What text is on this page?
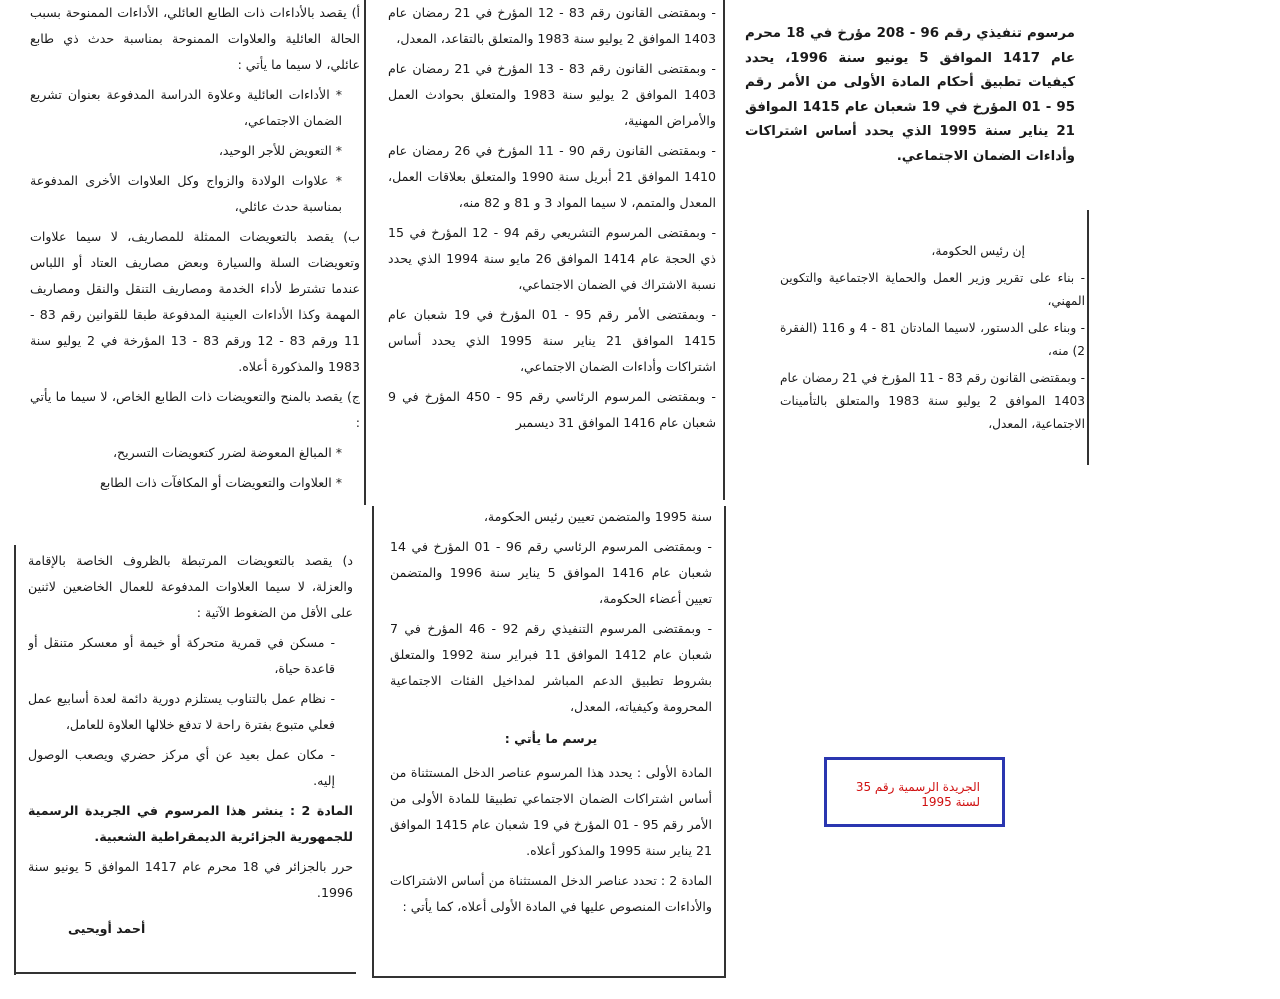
أ) يقصد بالأداءات ذات الطابع العائلي، الأداءات الممنوحة بسبب الحالة العائلية والعلاوات الممنوحة بمناسبة حدث ذي طابع عائلي، لا سيما ما يأتي :

* الأداءات العائلية وعلاوة الدراسة المدفوعة بعنوان تشريع الضمان الاجتماعي،

* التعويض للأجر الوحيد،

* علاوات الولادة والزواج وكل العلاوات الأخرى المدفوعة بمناسبة حدث عائلي،

ب) يقصد بالتعويضات الممثلة للمصاريف، لا سيما علاوات وتعويضات السلة والسيارة وبعض مصاريف العتاد أو اللباس عندما تشترط لأداء الخدمة ومصاريف التنقل والنقل ومصاريف المهمة وكذا الأداءات العينية المدفوعة طبقا للقوانين رقم 83 - 11 ورقم 83 - 12 ورقم 83 - 13 المؤرخة في 2 يوليو سنة 1983 والمذكورة أعلاه.

ج) يقصد بالمنح والتعويضات ذات الطابع الخاص، لا سيما ما يأتي :

* المبالغ المعوضة لضرر كتعويضات التسريح،

* العلاوات والتعويضات أو المكافآت ذات الطابع

- وبمقتضى القانون رقم 83 - 12 المؤرخ في 21 رمضان عام 1403 الموافق 2 يوليو سنة 1983 والمتعلق بالتقاعد، المعدل،

- وبمقتضى القانون رقم 83 - 13 المؤرخ في 21 رمضان عام 1403 الموافق 2 يوليو سنة 1983 والمتعلق بحوادث العمل والأمراض المهنية،

- وبمقتضى القانون رقم 90 - 11 المؤرخ في 26 رمضان عام 1410 الموافق 21 أبريل سنة 1990 والمتعلق بعلاقات العمل، المعدل والمتمم، لا سيما المواد 3 و 81 و 82 منه،

- وبمقتضى المرسوم التشريعي رقم 94 - 12 المؤرخ في 15 ذي الحجة عام 1414 الموافق 26 مايو سنة 1994 الذي يحدد نسبة الاشتراك في الضمان الاجتماعي،

- وبمقتضى الأمر رقم 95 - 01 المؤرخ في 19 شعبان عام 1415 الموافق 21 يناير سنة 1995 الذي يحدد أساس اشتراكات وأداءات الضمان الاجتماعي،

- وبمقتضى المرسوم الرئاسي رقم 95 - 450 المؤرخ في 9 شعبان عام 1416 الموافق 31 ديسمبر

مرسوم تنفيذي رقم 96 - 208 مؤرخ في 18 محرم عام 1417 الموافق 5 يونيو سنة 1996، يحدد كيفيات تطبيق أحكام المادة الأولى من الأمر رقم 95 - 01 المؤرخ في 19 شعبان عام 1415 الموافق 21 يناير سنة 1995 الذي يحدد أساس اشتراكات وأداءات الضمان الاجتماعي.

إن رئيس الحكومة،

- بناء على تقرير وزير العمل والحماية الاجتماعية والتكوين المهني،

- وبناء على الدستور، لاسيما المادتان 81 - 4 و 116 (الفقرة 2) منه،

- وبمقتضى القانون رقم 83 - 11 المؤرخ في 21 رمضان عام 1403 الموافق 2 يوليو سنة 1983 والمتعلق بالتأمينات الاجتماعية، المعدل،

د) يقصد بالتعويضات المرتبطة بالظروف الخاصة بالإقامة والعزلة، لا سيما العلاوات المدفوعة للعمال الخاضعين لاثنين على الأقل من الضغوط الآتية :

- مسكن في قمرية متحركة أو خيمة أو معسكر متنقل أو قاعدة حياة،

- نظام عمل بالتناوب يستلزم دورية دائمة لعدة أسابيع عمل فعلي متبوع بفترة راحة لا تدفع خلالها العلاوة للعامل،

- مكان عمل بعيد عن أي مركز حضري ويصعب الوصول إليه.

المادة 2 : ينشر هذا المرسوم في الجريدة الرسمية للجمهورية الجزائرية الديمقراطية الشعبية.

حرر بالجزائر في 18 محرم عام 1417 الموافق 5 يونيو سنة 1996.

أحمد أويحيى

سنة 1995 والمتضمن تعيين رئيس الحكومة،

- وبمقتضى المرسوم الرئاسي رقم 96 - 01 المؤرخ في 14 شعبان عام 1416 الموافق 5 يناير سنة 1996 والمتضمن تعيين أعضاء الحكومة،

- وبمقتضى المرسوم التنفيذي رقم 92 - 46 المؤرخ في 7 شعبان عام 1412 الموافق 11 فبراير سنة 1992 والمتعلق بشروط تطبيق الدعم المباشر لمداخيل الفئات الاجتماعية المحرومة وكيفياته، المعدل،

يرسم ما يأتي :

المادة الأولى : يحدد هذا المرسوم عناصر الدخل المستثناة من أساس اشتراكات الضمان الاجتماعي تطبيقا للمادة الأولى من الأمر رقم 95 - 01 المؤرخ في 19 شعبان عام 1415 الموافق 21 يناير سنة 1995 والمذكور أعلاه.

المادة 2 : تحدد عناصر الدخل المستثناة من أساس الاشتراكات والأداءات المنصوص عليها في المادة الأولى أعلاه، كما يأتي :

الجريدة الرسمية رقم 35 لسنة 1995
